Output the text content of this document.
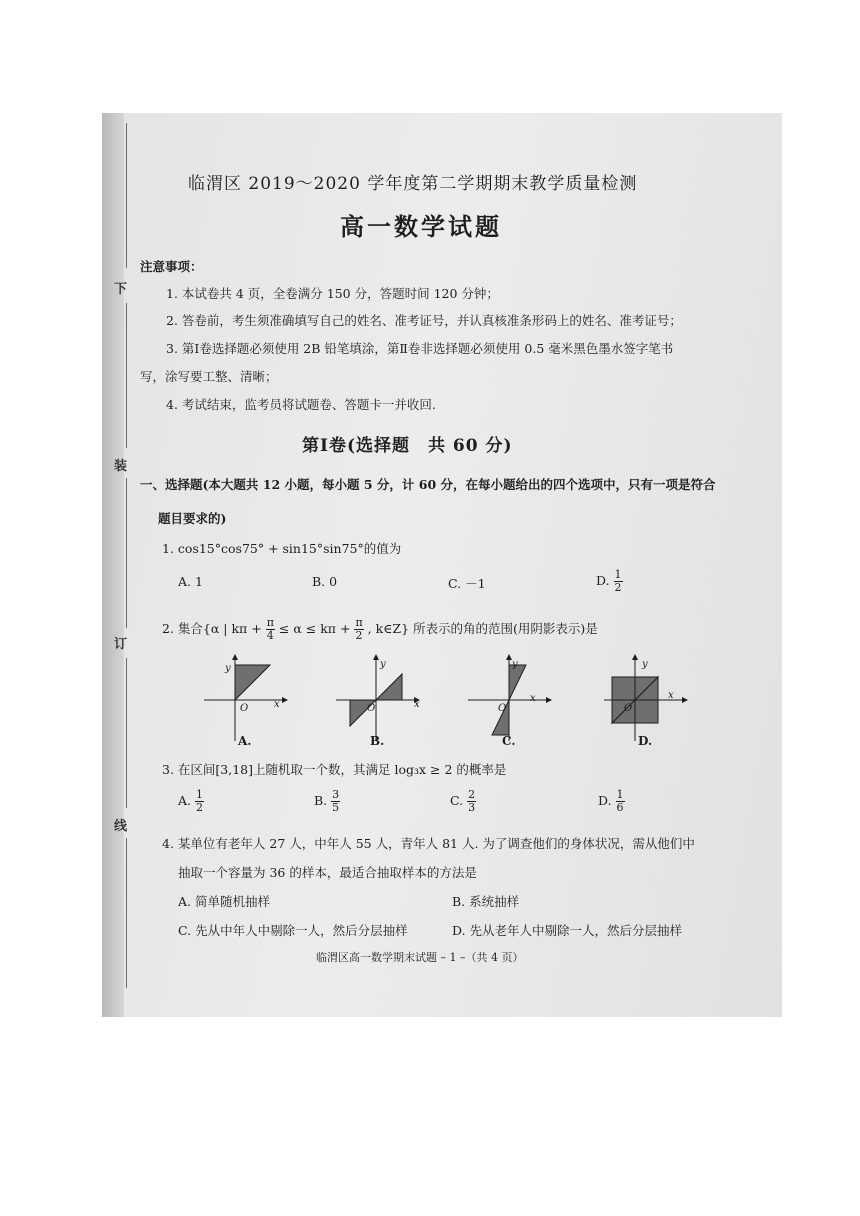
下
装
订
线
临渭区 2019～2020 学年度第二学期期末教学质量检测
高一数学试题
注意事项：
1. 本试卷共 4 页，全卷满分 150 分，答题时间 120 分钟；
2. 答卷前，考生须准确填写自己的姓名、准考证号，并认真核准条形码上的姓名、准考证号；
3. 第Ⅰ卷选择题必须使用 2B 铅笔填涂，第Ⅱ卷非选择题必须使用 0.5 毫米黑色墨水签字笔书
写，涂写要工整、清晰；
4. 考试结束，监考员将试题卷、答题卡一并收回.
第Ⅰ卷(选择题　共 60 分)
一、选择题(本大题共 12 小题，每小题 5 分，计 60 分，在每小题给出的四个选项中，只有一项是符合
题目要求的)
1. cos15°cos75° + sin15°sin75°的值为
A. 1	B. 0	C. －1	D. $\frac{1}{2}$
2. 集合{α | $k\pi + \frac{\pi}{4} \le \alpha \le k\pi + \frac{\pi}{2}$ , k∈Z} 所表示的角的范围(用阴影表示)是
y
x
O
A.
y
x
O
B.
y
x
O
C.
y
x
O
D.
3. 在区间[3,18]上随机取一个数，其满足 log₃x ≥ 2 的概率是
A. $\frac{1}{2}$	B. $\frac{3}{5}$	C. $\frac{2}{3}$	D. $\frac{1}{6}$
4. 某单位有老年人 27 人，中年人 55 人，青年人 81 人. 为了调查他们的身体状况，需从他们中
抽取一个容量为 36 的样本，最适合抽取样本的方法是
A. 简单随机抽样	B. 系统抽样
C. 先从中年人中剔除一人，然后分层抽样	D. 先从老年人中剔除一人，然后分层抽样
临渭区高一数学期末试题 – 1 –（共 4 页）
